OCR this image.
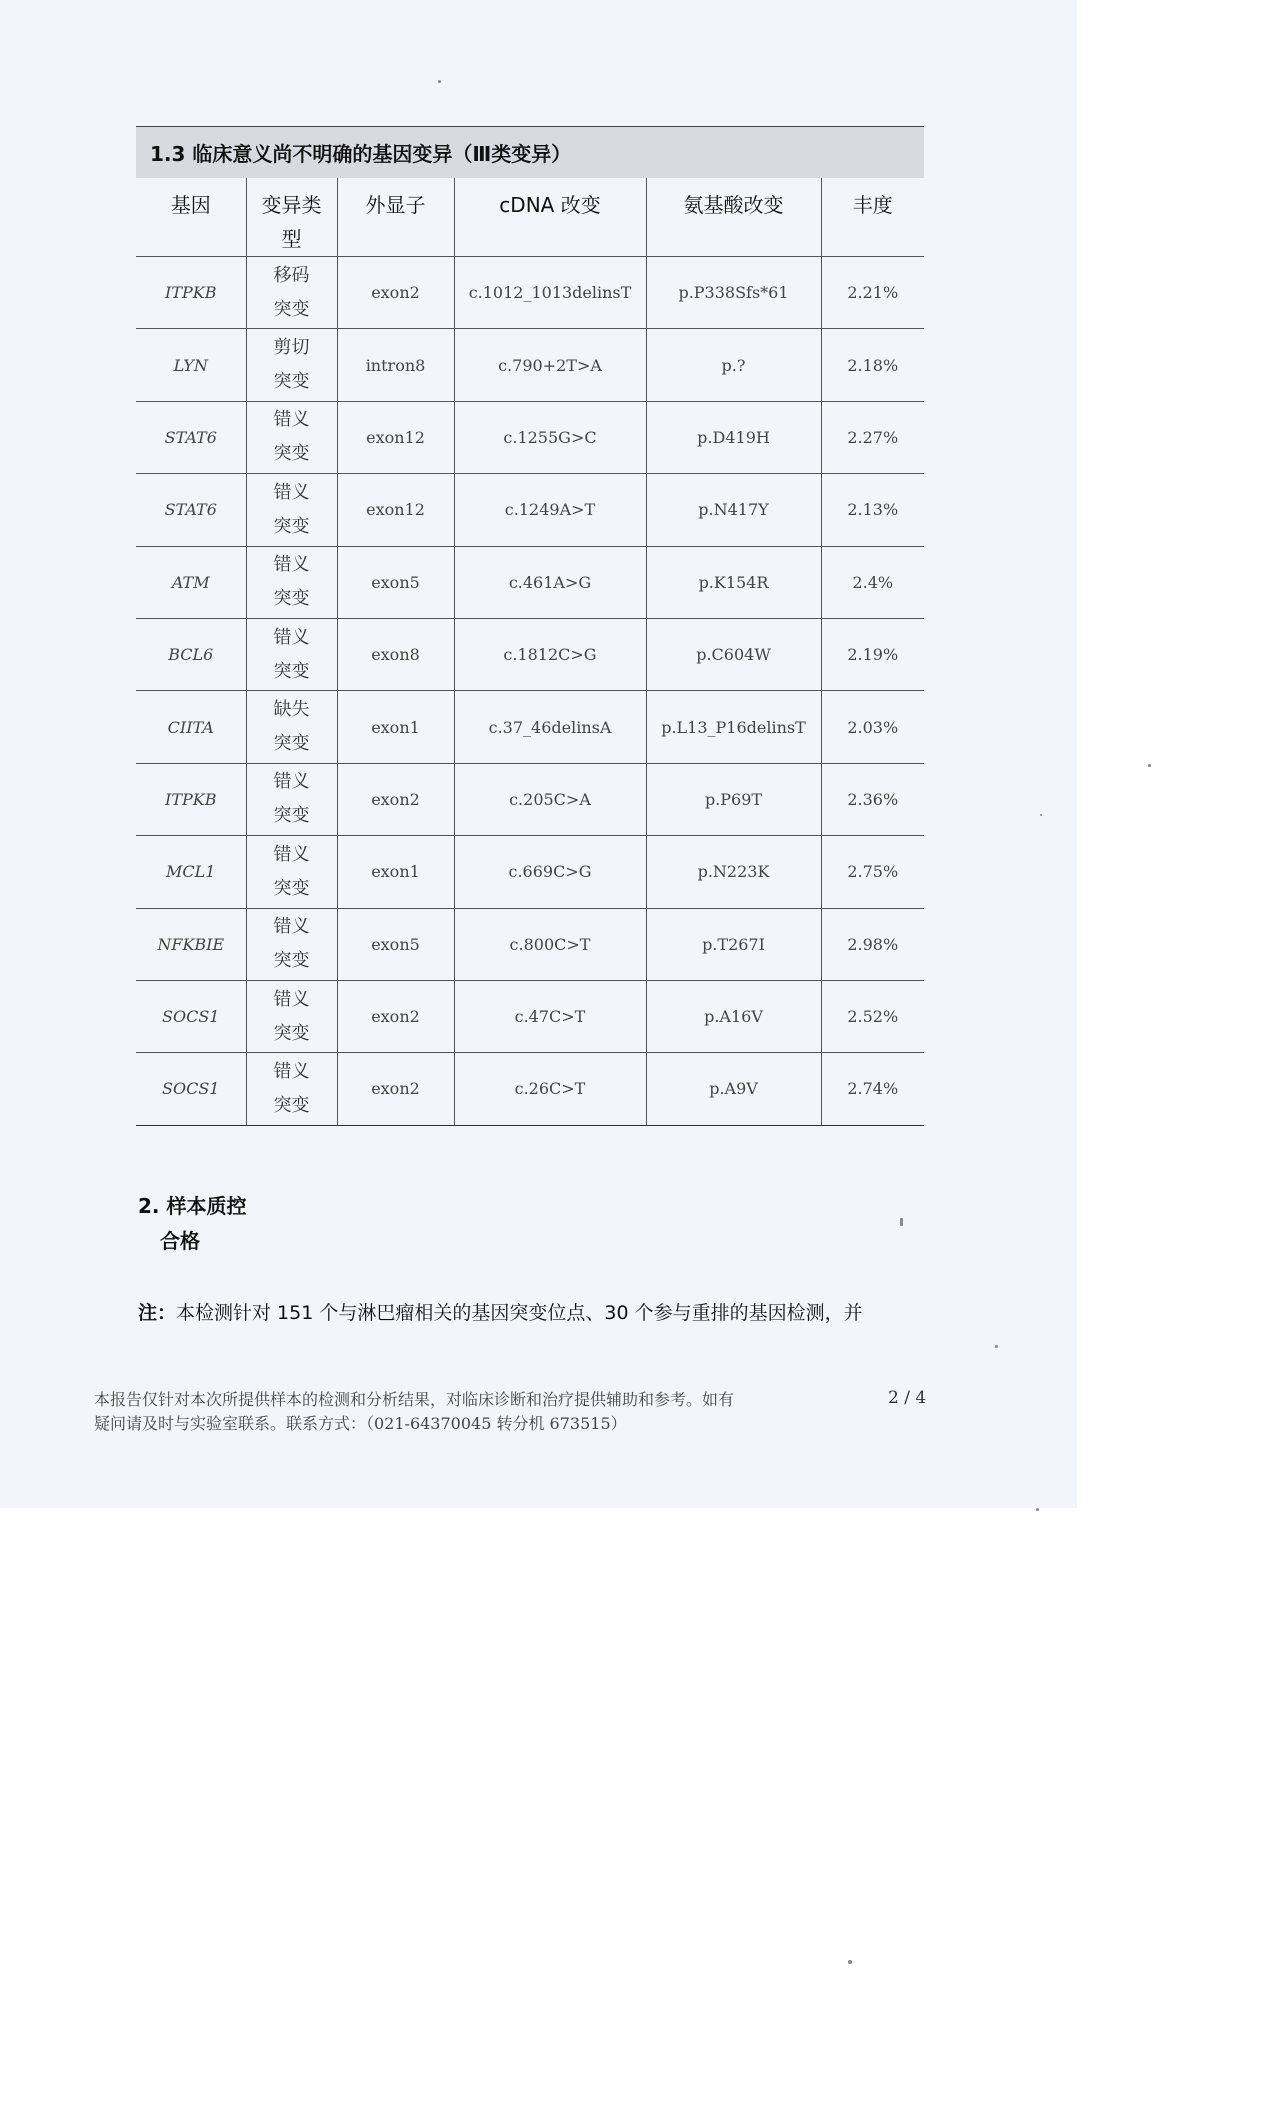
1.3 临床意义尚不明确的基因变异（Ⅲ类变异）
基因	变异类型	外显子	cDNA 改变	氨基酸改变	丰度
ITPKB	移码突变	exon2	c.1012_1013delinsT	p.P338Sfs*61	2.21%
LYN	剪切突变	intron8	c.790+2T>A	p.?	2.18%
STAT6	错义突变	exon12	c.1255G>C	p.D419H	2.27%
STAT6	错义突变	exon12	c.1249A>T	p.N417Y	2.13%
ATM	错义突变	exon5	c.461A>G	p.K154R	2.4%
BCL6	错义突变	exon8	c.1812C>G	p.C604W	2.19%
CIITA	缺失突变	exon1	c.37_46delinsA	p.L13_P16delinsT	2.03%
ITPKB	错义突变	exon2	c.205C>A	p.P69T	2.36%
MCL1	错义突变	exon1	c.669C>G	p.N223K	2.75%
NFKBIE	错义突变	exon5	c.800C>T	p.T267I	2.98%
SOCS1	错义突变	exon2	c.47C>T	p.A16V	2.52%
SOCS1	错义突变	exon2	c.26C>T	p.A9V	2.74%
2. 样本质控
合格
注：本检测针对 151 个与淋巴瘤相关的基因突变位点、30 个参与重排的基因检测，并
本报告仅针对本次所提供样本的检测和分析结果，对临床诊断和治疗提供辅助和参考。如有
疑问请及时与实验室联系。联系方式：（021-64370045 转分机 673515）
2 / 4
